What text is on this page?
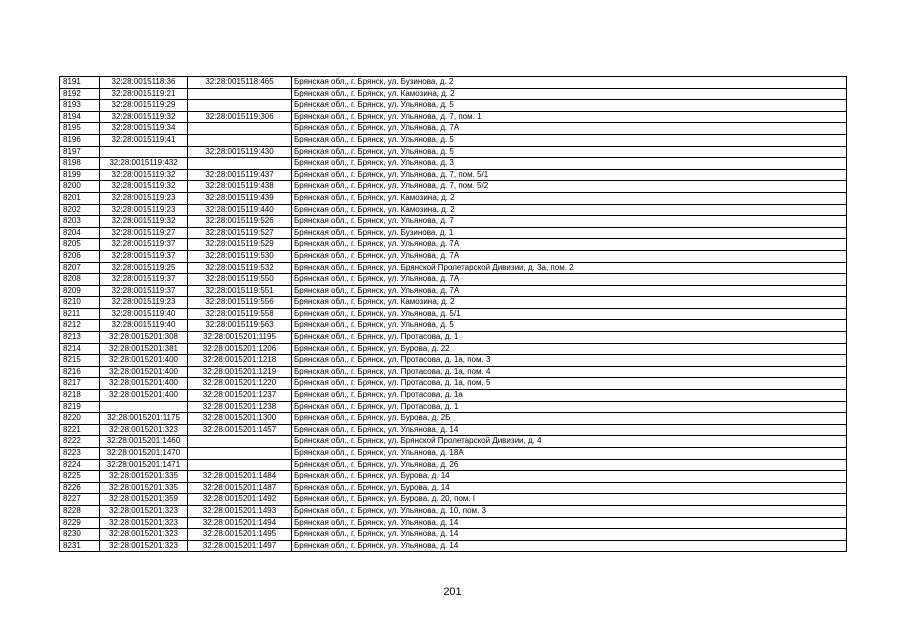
8191	32:28:0015118:36	32:28:0015118:465	Брянская обл., г. Брянск, ул. Бузинова, д. 2
8192	32:28:0015119:21		Брянская обл., г. Брянск, ул. Камозина, д. 2
8193	32:28:0015119:29		Брянская обл., г. Брянск, ул. Ульянова, д. 5
8194	32:28:0015119:32	32:28:0015119:306	Брянская обл., г. Брянск, ул. Ульянова, д. 7, пом. 1
8195	32:28:0015119:34		Брянская обл., г. Брянск, ул. Ульянова, д. 7А
8196	32:28:0015119:41		Брянская обл., г. Брянск, ул. Ульянова, д. 5
8197		32:28:0015119:430	Брянская обл., г. Брянск, ул. Ульянова, д. 5
8198	32:28:0015119:432		Брянская обл., г. Брянск, ул. Ульянова, д. 3
8199	32:28:0015119:32	32:28:0015119:437	Брянская обл., г. Брянск, ул. Ульянова, д. 7, пом. 5/1
8200	32:28:0015119:32	32:28:0015119:438	Брянская обл., г. Брянск, ул. Ульянова, д. 7, пом. 5/2
8201	32:28:0015119:23	32:28:0015119:439	Брянская обл., г. Брянск, ул. Камозина, д. 2
8202	32:28:0015119:23	32:28:0015119:440	Брянская обл., г. Брянск, ул. Камозина, д. 2
8203	32:28:0015119:32	32:28:0015119:526	Брянская обл., г. Брянск, ул. Ульянова, д. 7
8204	32:28:0015119:27	32:28:0015119:527	Брянская обл., г. Брянск, ул. Бузинова, д. 1
8205	32:28:0015119:37	32:28:0015119:529	Брянская обл., г. Брянск, ул. Ульянова, д. 7А
8206	32:28:0015119:37	32:28:0015119:530	Брянская обл., г. Брянск, ул. Ульянова, д. 7А
8207	32:28:0015119:25	32:28:0015119:532	Брянская обл., г. Брянск, ул. Брянской Пролетарской Дивизии, д. 3а, пом. 2
8208	32:28:0015119:37	32:28:0015119:550	Брянская обл., г. Брянск, ул. Ульянова, д. 7А
8209	32:28:0015119:37	32:28:0015119:551	Брянская обл., г. Брянск, ул. Ульянова, д. 7А
8210	32:28:0015119:23	32:28:0015119:556	Брянская обл., г. Брянск, ул. Камозина, д. 2
8211	32:28:0015119:40	32:28:0015119:558	Брянская обл., г. Брянск, ул. Ульянова, д. 5/1
8212	32:28:0015119:40	32:28:0015119:563	Брянская обл., г. Брянск, ул. Ульянова, д. 5
8213	32:28:0015201:308	32:28:0015201:1195	Брянская обл., г. Брянск, ул. Протасова, д. 1
8214	32:28:0015201:381	32:28:0015201:1206	Брянская обл., г. Брянск, ул. Бурова, д. 22
8215	32:28:0015201:400	32:28:0015201:1218	Брянская обл., г. Брянск, ул. Протасова, д. 1а, пом. 3
8216	32:28:0015201:400	32:28:0015201:1219	Брянская обл., г. Брянск, ул. Протасова, д. 1а, пом. 4
8217	32:28:0015201:400	32:28:0015201:1220	Брянская обл., г. Брянск, ул. Протасова, д. 1а, пом. 5
8218	32:28:0015201:400	32:28:0015201:1237	Брянская обл., г. Брянск, ул. Протасова, д. 1а
8219		32:28:0015201:1238	Брянская обл., г. Брянск, ул. Протасова, д. 1
8220	32:28:0015201:1175	32:28:0015201:1300	Брянская обл., г. Брянск, ул. Бурова, д. 2Б
8221	32:28:0015201:323	32:28:0015201:1457	Брянская обл., г. Брянск, ул. Ульянова, д. 14
8222	32:28:0015201:1460		Брянская обл., г. Брянск, ул. Брянской Пролетарской Дивизии, д. 4
8223	32:28:0015201:1470		Брянская обл., г. Брянск, ул. Ульянова, д. 18А
8224	32:28:0015201:1471		Брянская обл., г. Брянск, ул. Ульянова, д. 26
8225	32:28:0015201:335	32:28:0015201:1484	Брянская обл., г. Брянск, ул. Бурова, д. 14
8226	32:28:0015201:335	32:28:0015201:1487	Брянская обл., г. Брянск, ул. Бурова, д. 14
8227	32:28:0015201:359	32:28:0015201:1492	Брянская обл., г. Брянск, ул. Бурова, д. 20, пом. I
8228	32:28:0015201:323	32:28:0015201:1493	Брянская обл., г. Брянск, ул. Ульянова, д. 10, пом. 3
8229	32:28:0015201:323	32:28:0015201:1494	Брянская обл., г. Брянск, ул. Ульянова, д. 14
8230	32:28:0015201:323	32:28:0015201:1495	Брянская обл., г. Брянск, ул. Ульянова, д. 14
8231	32:28:0015201:323	32:28:0015201:1497	Брянская обл., г. Брянск, ул. Ульянова, д. 14
201
